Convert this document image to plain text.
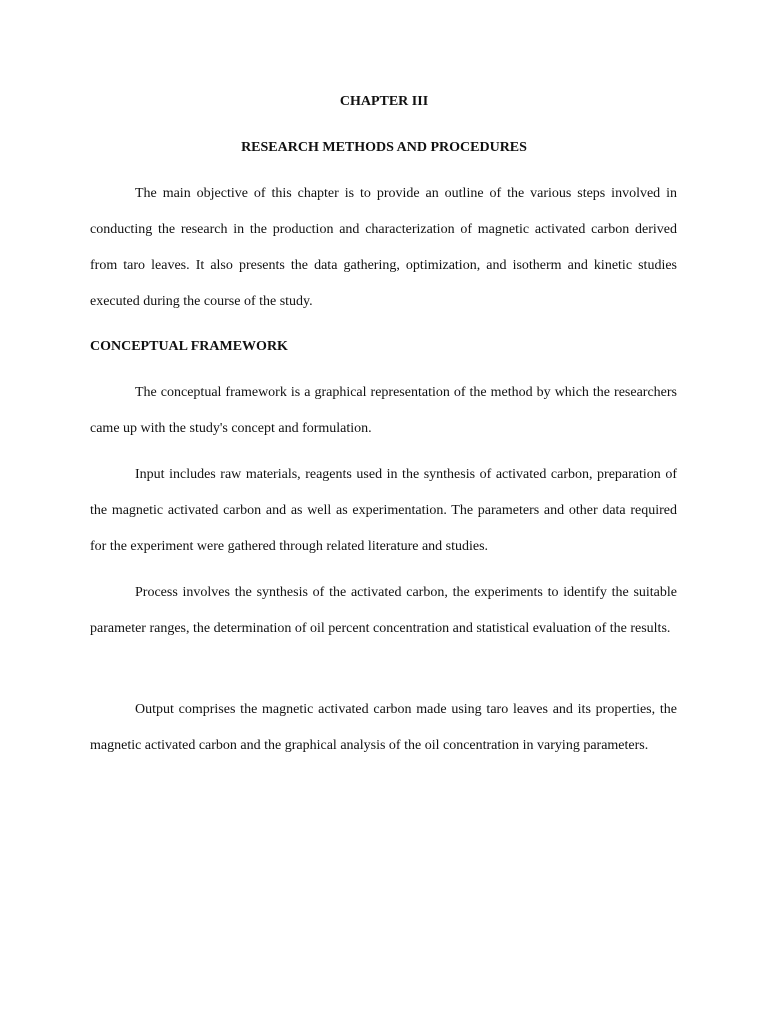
CHAPTER III
RESEARCH METHODS AND PROCEDURES

The main objective of this chapter is to provide an outline of the various steps involved in conducting the research in the production and characterization of magnetic activated carbon derived from taro leaves. It also presents the data gathering, optimization, and isotherm and kinetic studies executed during the course of the study.

CONCEPTUAL FRAMEWORK

The conceptual framework is a graphical representation of the method by which the researchers came up with the study's concept and formulation.

Input includes raw materials, reagents used in the synthesis of activated carbon, preparation of the magnetic activated carbon and as well as experimentation. The parameters and other data required for the experiment were gathered through related literature and studies.

Process involves the synthesis of the activated carbon, the experiments to identify the suitable parameter ranges, the determination of oil percent concentration and statistical evaluation of the results.

Output comprises the magnetic activated carbon made using taro leaves and its properties, the magnetic activated carbon and the graphical analysis of the oil concentration in varying parameters.
